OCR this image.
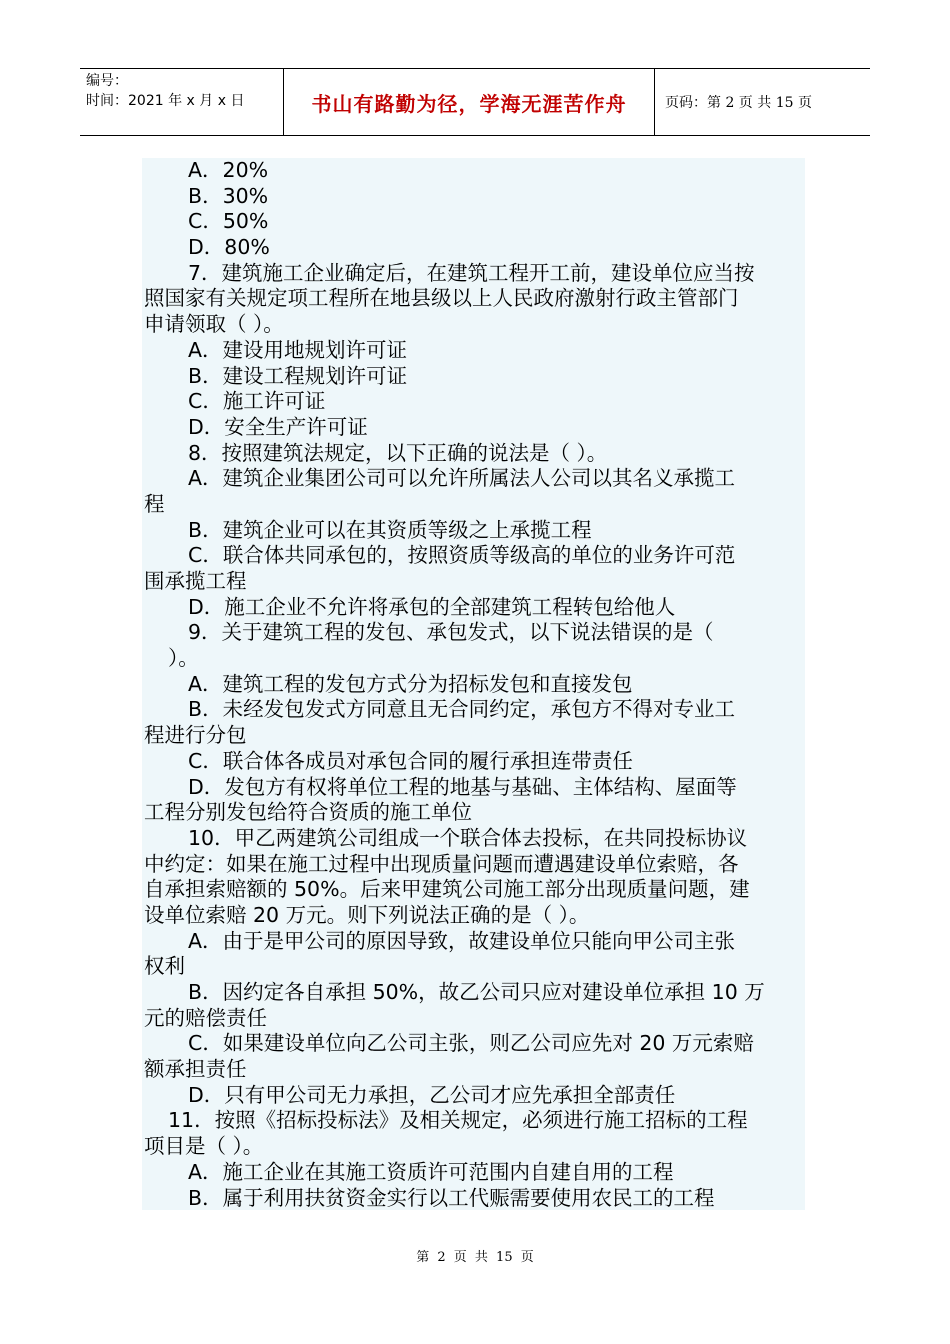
编号：
时间：2021 年 x 月 x 日	书山有路勤为径，学海无涯苦作舟	页码：第 2 页 共 15 页
A．20%
B．30%
C．50%
D．80%
7．建筑施工企业确定后，在建筑工程开工前，建设单位应当按
照国家有关规定项工程所在地县级以上人民政府激射行政主管部门
申请领取（ ）。
A．建设用地规划许可证
B．建设工程规划许可证
C．施工许可证
D．安全生产许可证
8．按照建筑法规定，以下正确的说法是（ ）。
A．建筑企业集团公司可以允许所属法人公司以其名义承揽工
程
B．建筑企业可以在其资质等级之上承揽工程
C．联合体共同承包的，按照资质等级高的单位的业务许可范
围承揽工程
D．施工企业不允许将承包的全部建筑工程转包给他人
9．关于建筑工程的发包、承包发式，以下说法错误的是（
）。
A．建筑工程的发包方式分为招标发包和直接发包
B．未经发包发式方同意且无合同约定，承包方不得对专业工
程进行分包
C．联合体各成员对承包合同的履行承担连带责任
D．发包方有权将单位工程的地基与基础、主体结构、屋面等
工程分别发包给符合资质的施工单位
10．甲乙两建筑公司组成一个联合体去投标，在共同投标协议
中约定：如果在施工过程中出现质量问题而遭遇建设单位索赔，各
自承担索赔额的 50%。后来甲建筑公司施工部分出现质量问题，建
设单位索赔 20 万元。则下列说法正确的是（ ）。
A．由于是甲公司的原因导致，故建设单位只能向甲公司主张
权利
B．因约定各自承担 50%，故乙公司只应对建设单位承担 10 万
元的赔偿责任
C．如果建设单位向乙公司主张，则乙公司应先对 20 万元索赔
额承担责任
D．只有甲公司无力承担，乙公司才应先承担全部责任
11．按照《招标投标法》及相关规定，必须进行施工招标的工程
项目是（ ）。
A．施工企业在其施工资质许可范围内自建自用的工程
B．属于利用扶贫资金实行以工代赈需要使用农民工的工程
第 2 页 共 15 页
